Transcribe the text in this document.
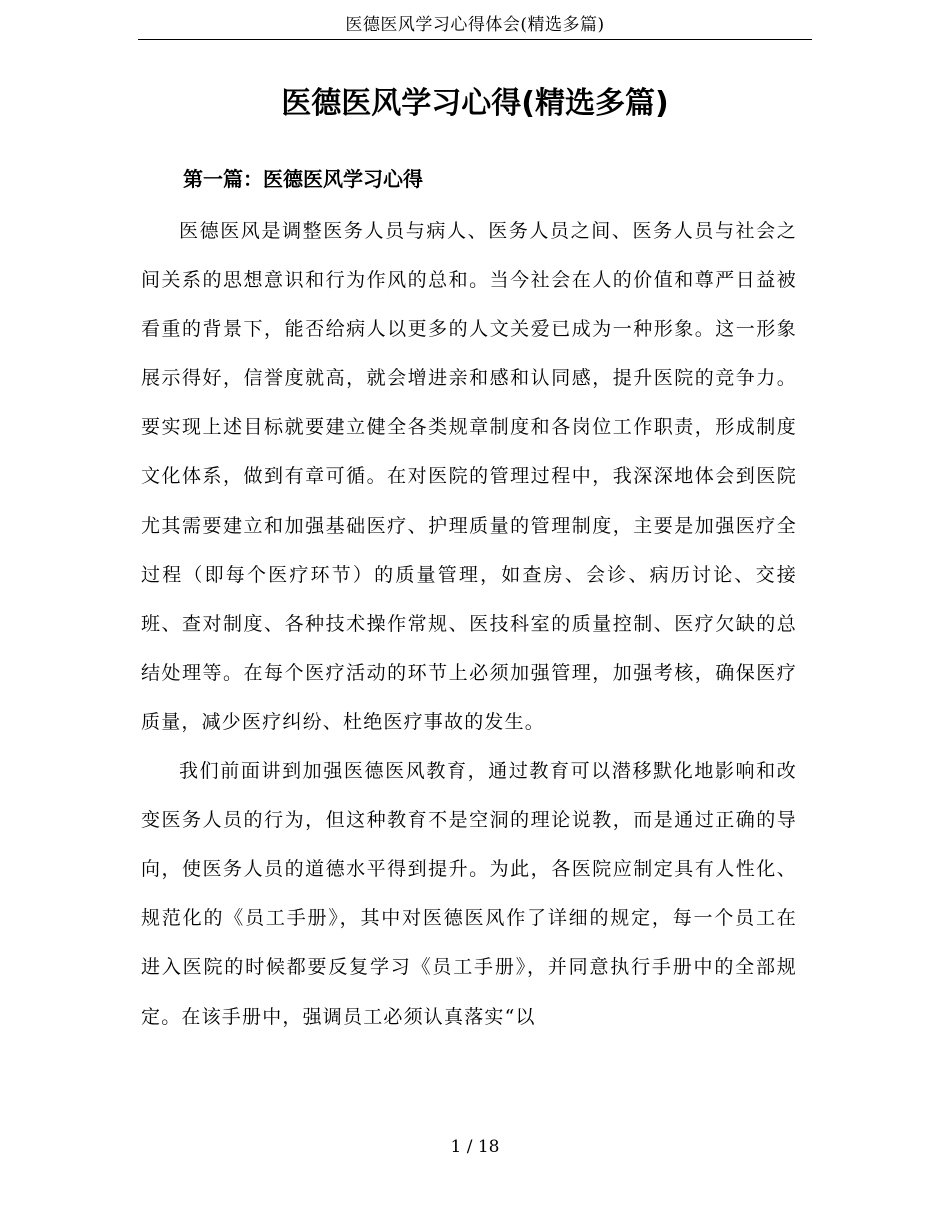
医德医风学习心得体会(精选多篇)
医德医风学习心得(精选多篇)
第一篇：医德医风学习心得

医德医风是调整医务人员与病人、医务人员之间、医务人员与社会之间关系的思想意识和行为作风的总和。当今社会在人的价值和尊严日益被看重的背景下，能否给病人以更多的人文关爱已成为一种形象。这一形象展示得好，信誉度就高，就会增进亲和感和认同感，提升医院的竞争力。要实现上述目标就要建立健全各类规章制度和各岗位工作职责，形成制度文化体系，做到有章可循。在对医院的管理过程中，我深深地体会到医院尤其需要建立和加强基础医疗、护理质量的管理制度，主要是加强医疗全过程（即每个医疗环节）的质量管理，如查房、会诊、病历讨论、交接班、查对制度、各种技术操作常规、医技科室的质量控制、医疗欠缺的总结处理等。在每个医疗活动的环节上必须加强管理，加强考核，确保医疗质量，减少医疗纠纷、杜绝医疗事故的发生。

我们前面讲到加强医德医风教育，通过教育可以潜移默化地影响和改变医务人员的行为，但这种教育不是空洞的理论说教，而是通过正确的导向，使医务人员的道德水平得到提升。为此，各医院应制定具有人性化、规范化的《员工手册》，其中对医德医风作了详细的规定，每一个员工在进入医院的时候都要反复学习《员工手册》，并同意执行手册中的全部规定。在该手册中，强调员工必须认真落实“以

1 / 18
